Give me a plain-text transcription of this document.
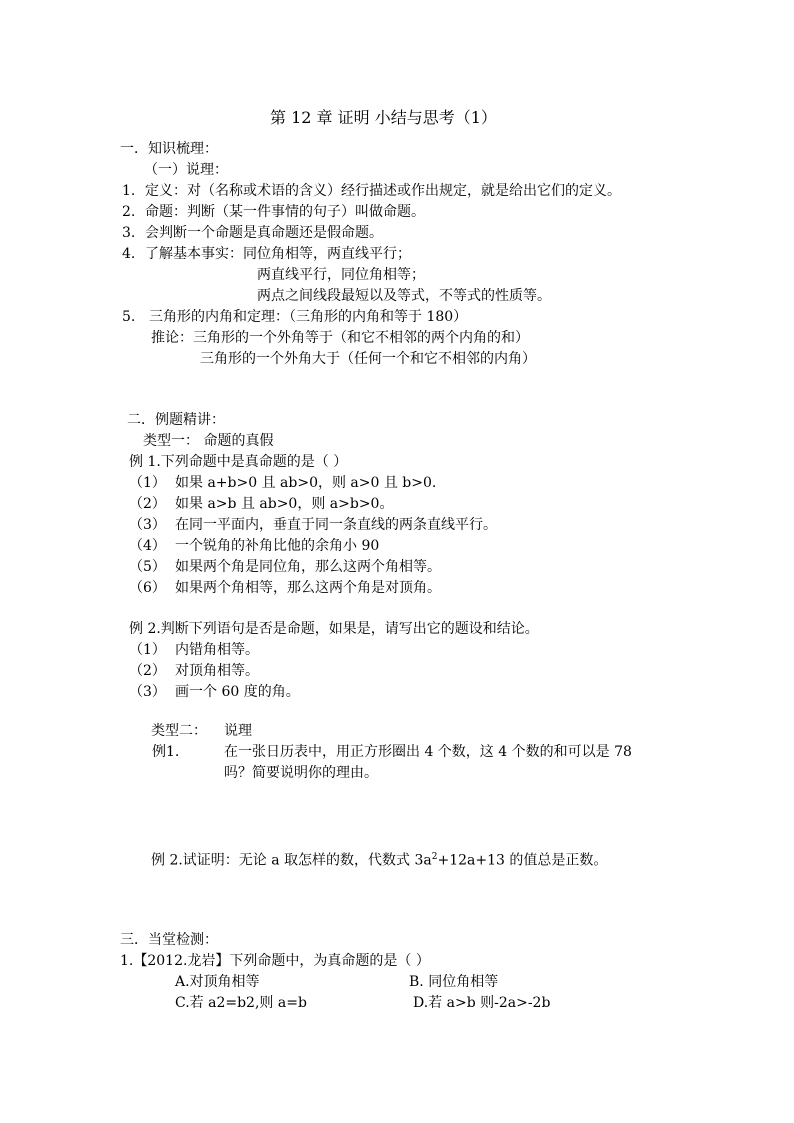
第 12 章 证明 小结与思考（1）
一．知识梳理：
（一）说理：
1. 定义：对（名称或术语的含义）经行描述或作出规定，就是给出它们的定义。
2. 命题：判断（某一件事情的句子）叫做命题。
3. 会判断一个命题是真命题还是假命题。
4. 了解基本事实：同位角相等，两直线平行；
两直线平行，同位角相等；
两点之间线段最短以及等式，不等式的性质等。
5. 三角形的内角和定理：（三角形的内角和等于 180）
推论：三角形的一个外角等于（和它不相邻的两个内角的和）
三角形的一个外角大于（任何一个和它不相邻的内角）
二．例题精讲：
类型一： 命题的真假
例 1.下列命题中是真命题的是（ ）
（1） 如果 a+b>0 且 ab>0，则 a>0 且 b>0.
（2） 如果 a>b 且 ab>0，则 a>b>0。
（3） 在同一平面内，垂直于同一条直线的两条直线平行。
（4） 一个锐角的补角比他的余角小 90
（5） 如果两个角是同位角，那么这两个角相等。
（6） 如果两个角相等，那么这两个角是对顶角。
例 2.判断下列语句是否是命题，如果是，请写出它的题设和结论。
（1） 内错角相等。
（2） 对顶角相等。
（3） 画一个 60 度的角。
类型二： 说理
例1.	在一张日历表中，用正方形圈出 4 个数，这 4 个数的和可以是 78
吗？简要说明你的理由。
例 2.试证明：无论 a 取怎样的数，代数式 $3a^2+12a+13$ 的值总是正数。
三．当堂检测：
1.【2012.龙岩】下列命题中，为真命题的是（ ）
A.对顶角相等	B. 同位角相等
C.若 a2=b2,则 a=b	D.若 a>b 则-2a>-2b
